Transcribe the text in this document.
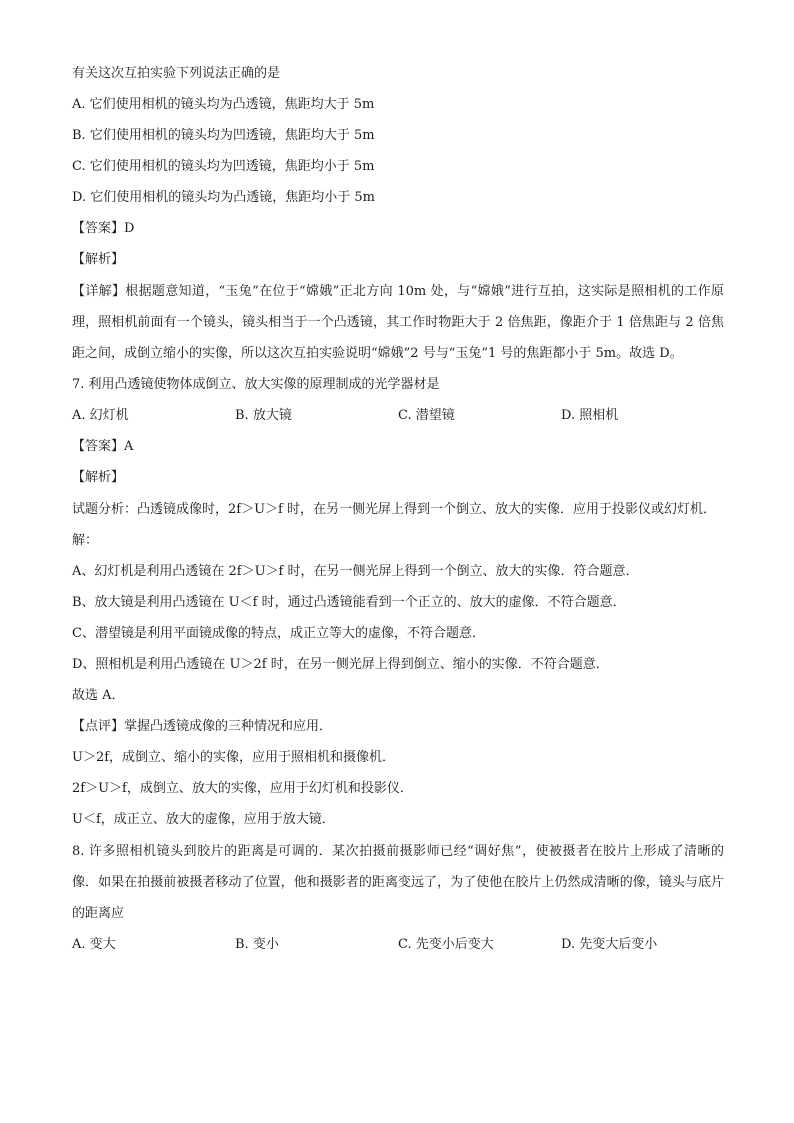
有关这次互拍实验下列说法正确的是
A. 它们使用相机的镜头均为凸透镜，焦距均大于 5m
B. 它们使用相机的镜头均为凹透镜，焦距均大于 5m
C. 它们使用相机的镜头均为凹透镜，焦距均小于 5m
D. 它们使用相机的镜头均为凸透镜，焦距均小于 5m
【答案】D
【解析】
【详解】根据题意知道，“玉兔”在位于“嫦娥”正北方向 10m 处，与“嫦娥”进行互拍，这实际是照相机的工作原理，照相机前面有一个镜头，镜头相当于一个凸透镜，其工作时物距大于 2 倍焦距，像距介于 1 倍焦距与 2 倍焦距之间，成倒立缩小的实像，所以这次互拍实验说明“嫦娥”2 号与“玉兔”1 号的焦距都小于 5m。故选 D。
7. 利用凸透镜使物体成倒立、放大实像的原理制成的光学器材是
A. 幻灯机	B. 放大镜	C. 潜望镜	D. 照相机
【答案】A
【解析】
试题分析：凸透镜成像时，2f＞U＞f 时，在另一侧光屏上得到一个倒立、放大的实像．应用于投影仪或幻灯机．
解：
A、幻灯机是利用凸透镜在 2f＞U＞f 时，在另一侧光屏上得到一个倒立、放大的实像．符合题意．
B、放大镜是利用凸透镜在 U＜f 时，通过凸透镜能看到一个正立的、放大的虚像．不符合题意．
C、潜望镜是利用平面镜成像的特点，成正立等大的虚像，不符合题意．
D、照相机是利用凸透镜在 U＞2f 时，在另一侧光屏上得到倒立、缩小的实像．不符合题意．
故选 A．
【点评】掌握凸透镜成像的三种情况和应用．
U＞2f，成倒立、缩小的实像，应用于照相机和摄像机．
2f＞U＞f，成倒立、放大的实像，应用于幻灯机和投影仪．
U＜f，成正立、放大的虚像，应用于放大镜．
8. 许多照相机镜头到胶片的距离是可调的．某次拍摄前摄影师已经“调好焦”，使被摄者在胶片上形成了清晰的像．如果在拍摄前被摄者移动了位置，他和摄影者的距离变远了，为了使他在胶片上仍然成清晰的像，镜头与底片的距离应
A. 变大	B. 变小	C. 先变小后变大	D. 先变大后变小
